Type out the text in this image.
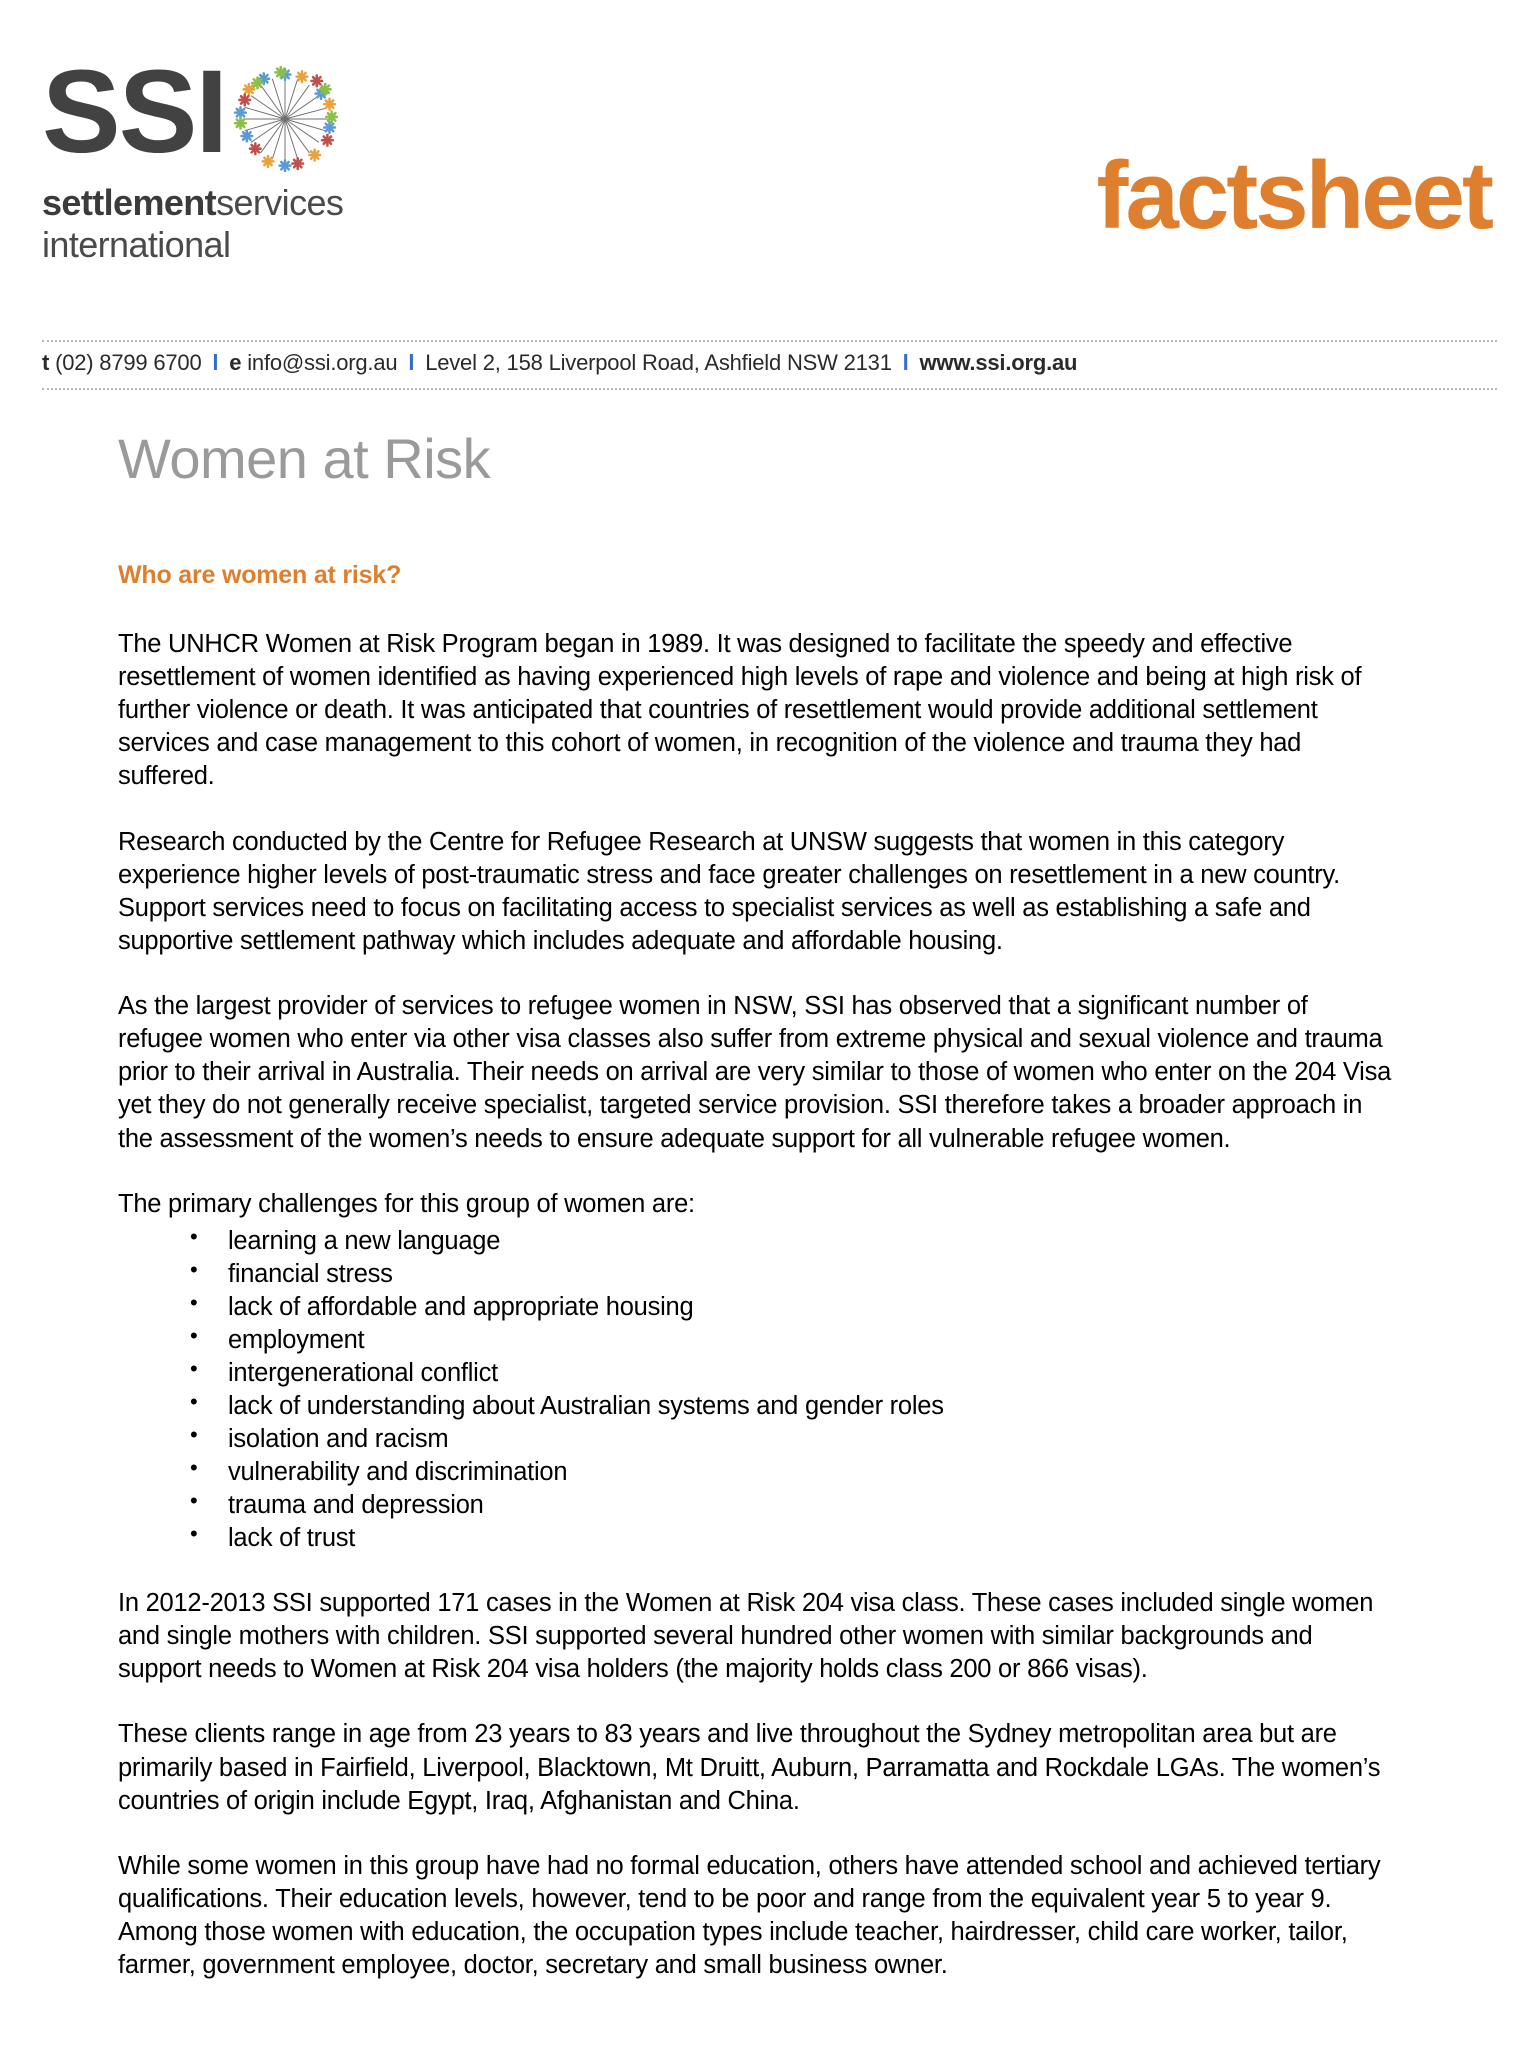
SSI
settlementservices
international	factsheet
t (02) 8799 6700 l e info@ssi.org.au l Level 2, 158 Liverpool Road, Ashfield NSW 2131 l www.ssi.org.au
Women at Risk
Who are women at risk?

The UNHCR Women at Risk Program began in 1989. It was designed to facilitate the speedy and effective resettlement of women identified as having experienced high levels of rape and violence and being at high risk of further violence or death. It was anticipated that countries of resettlement would provide additional settlement services and case management to this cohort of women, in recognition of the violence and trauma they had suffered.

Research conducted by the Centre for Refugee Research at UNSW suggests that women in this category experience higher levels of post-traumatic stress and face greater challenges on resettlement in a new country. Support services need to focus on facilitating access to specialist services as well as establishing a safe and supportive settlement pathway which includes adequate and affordable housing.

As the largest provider of services to refugee women in NSW, SSI has observed that a significant number of refugee women who enter via other visa classes also suffer from extreme physical and sexual violence and trauma prior to their arrival in Australia. Their needs on arrival are very similar to those of women who enter on the 204 Visa yet they do not generally receive specialist, targeted service provision. SSI therefore takes a broader approach in the assessment of the women’s needs to ensure adequate support for all vulnerable refugee women.

The primary challenges for this group of women are:

• learning a new language
• financial stress
• lack of affordable and appropriate housing
• employment
• intergenerational conflict
• lack of understanding about Australian systems and gender roles
• isolation and racism
• vulnerability and discrimination
• trauma and depression
• lack of trust

In 2012-2013 SSI supported 171 cases in the Women at Risk 204 visa class. These cases included single women and single mothers with children. SSI supported several hundred other women with similar backgrounds and support needs to Women at Risk 204 visa holders (the majority holds class 200 or 866 visas).

These clients range in age from 23 years to 83 years and live throughout the Sydney metropolitan area but are primarily based in Fairfield, Liverpool, Blacktown, Mt Druitt, Auburn, Parramatta and Rockdale LGAs. The women’s countries of origin include Egypt, Iraq, Afghanistan and China.

While some women in this group have had no formal education, others have attended school and achieved tertiary qualifications. Their education levels, however, tend to be poor and range from the equivalent year 5 to year 9. Among those women with education, the occupation types include teacher, hairdresser, child care worker, tailor, farmer, government employee, doctor, secretary and small business owner.
